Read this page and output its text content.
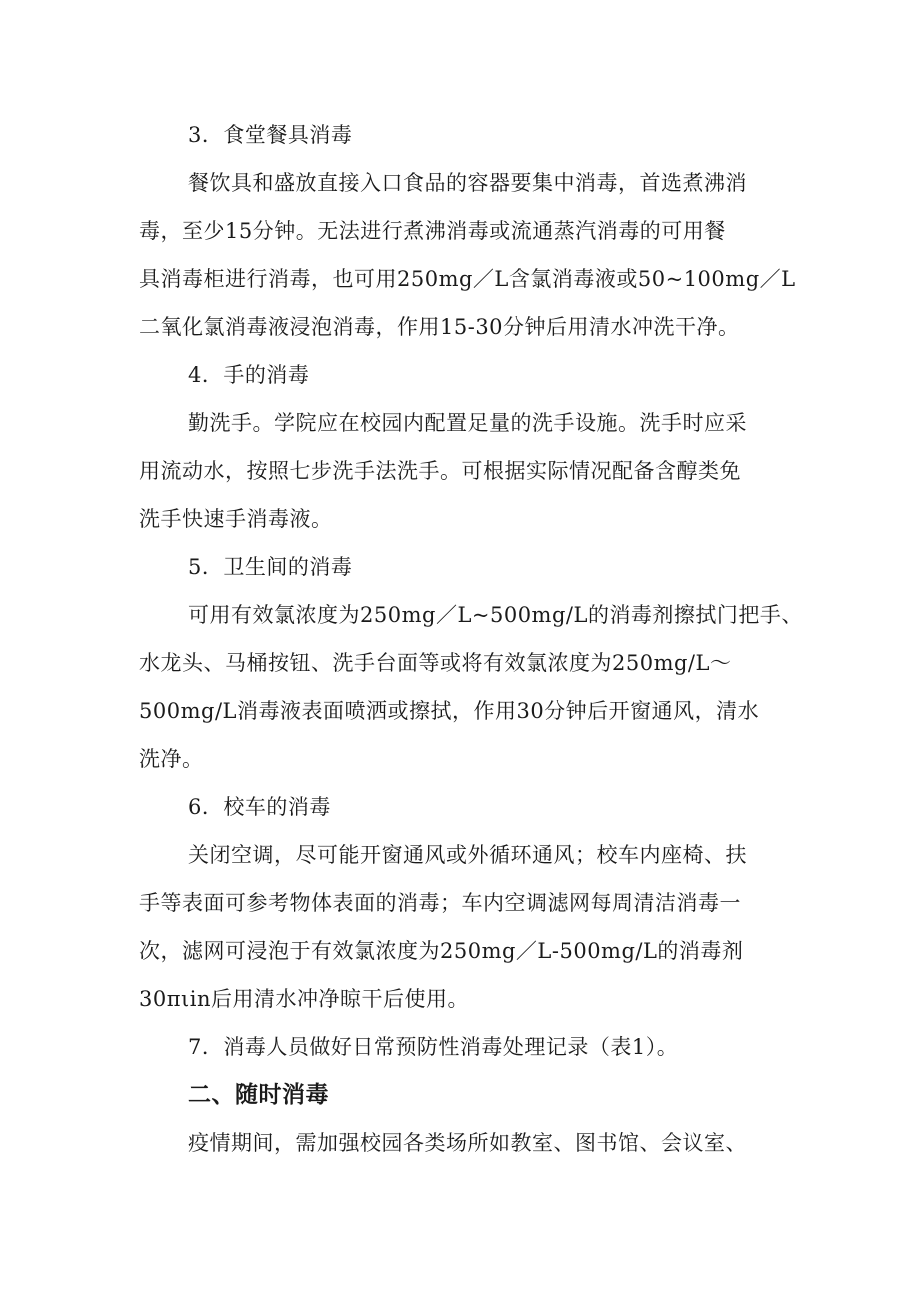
3．食堂餐具消毒
餐饮具和盛放直接入口食品的容器要集中消毒，首选煮沸消
毒，至少15分钟。无法进行煮沸消毒或流通蒸汽消毒的可用餐
具消毒柜进行消毒，也可用250mg／L含氯消毒液或50~100mg／L
二氧化氯消毒液浸泡消毒，作用15-30分钟后用清水冲洗干净。
4．手的消毒
勤洗手。学院应在校园内配置足量的洗手设施。洗手时应采
用流动水，按照七步洗手法洗手。可根据实际情况配备含醇类免
洗手快速手消毒液。
5．卫生间的消毒
可用有效氯浓度为250mg／L~500mg/L的消毒剂擦拭门把手、
水龙头、马桶按钮、洗手台面等或将有效氯浓度为250mg/L～
500mg/L消毒液表面喷洒或擦拭，作用30分钟后开窗通风，清水
洗净。
6．校车的消毒
关闭空调，尽可能开窗通风或外循环通风；校车内座椅、扶
手等表面可参考物体表面的消毒；车内空调滤网每周清洁消毒一
次，滤网可浸泡于有效氯浓度为250mg／L-500mg/L的消毒剂
30πιin后用清水冲净晾干后使用。
7．消毒人员做好日常预防性消毒处理记录（表1）。
二、随时消毒
疫情期间，需加强校园各类场所如教室、图书馆、会议室、
